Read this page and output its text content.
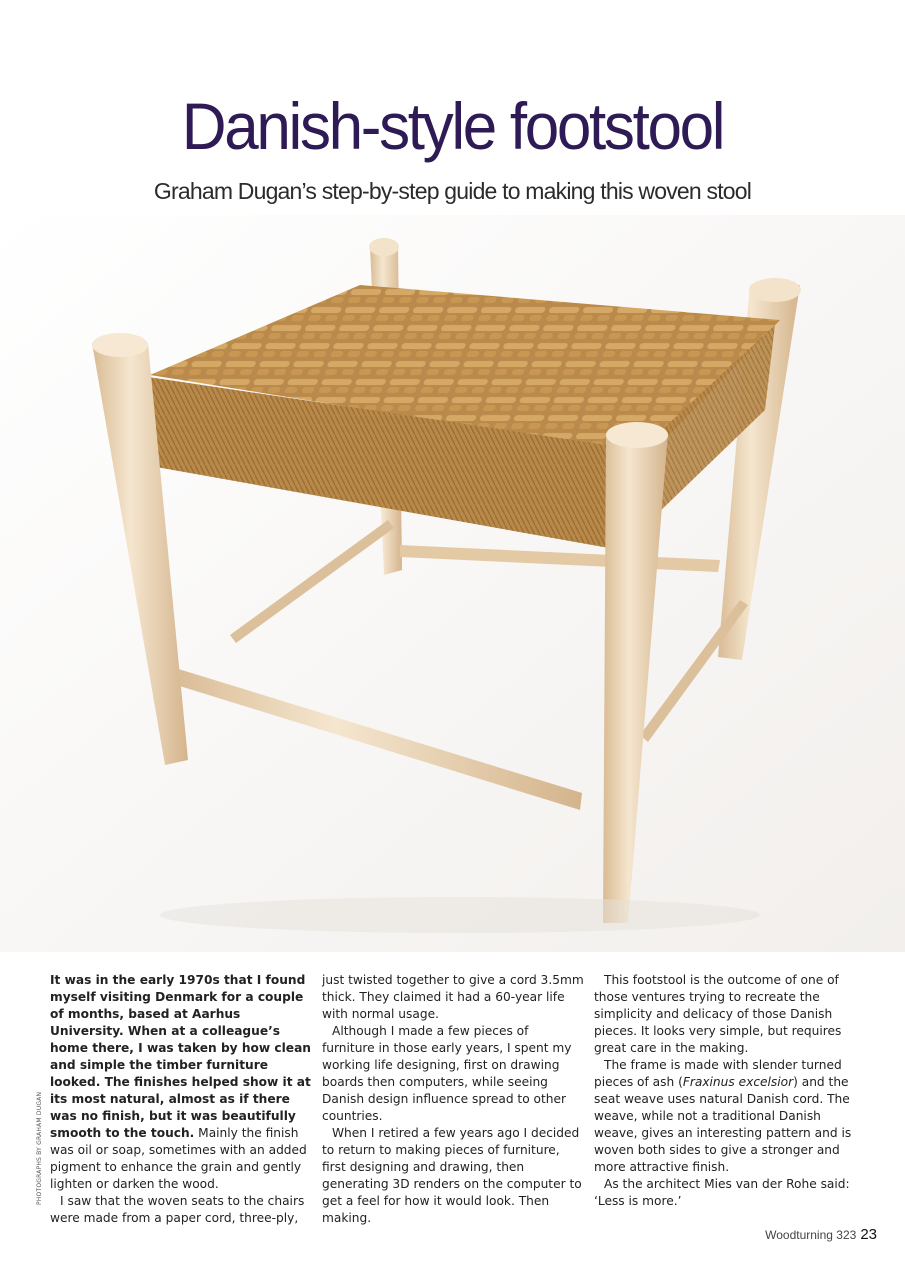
Danish-style footstool
Graham Dugan’s step-by-step guide to making this woven stool

It was in the early 1970s that I found myself visiting Denmark for a couple of months, based at Aarhus University. When at a colleague’s home there, I was taken by how clean and simple the timber furniture looked. The finishes helped show it at its most natural, almost as if there was no finish, but it was beautifully smooth to the touch. Mainly the finish was oil or soap, sometimes with an added pigment to enhance the grain and gently lighten or darken the wood.

I saw that the woven seats to the chairs were made from a paper cord, three-ply,

just twisted together to give a cord 3.5mm thick. They claimed it had a 60-year life with normal usage.

Although I made a few pieces of furniture in those early years, I spent my working life designing, first on drawing boards then computers, while seeing Danish design influence spread to other countries.

When I retired a few years ago I decided to return to making pieces of furniture, first designing and drawing, then generating 3D renders on the computer to get a feel for how it would look. Then making.

This footstool is the outcome of one of those ventures trying to recreate the simplicity and delicacy of those Danish pieces. It looks very simple, but requires great care in the making.

The frame is made with slender turned pieces of ash (Fraxinus excelsior) and the seat weave uses natural Danish cord. The weave, while not a traditional Danish weave, gives an interesting pattern and is woven both sides to give a stronger and more attractive finish.

As the architect Mies van der Rohe said: ‘Less is more.’

PHOTOGRAPHS BY GRAHAM DUGAN
Woodturning 323 23
